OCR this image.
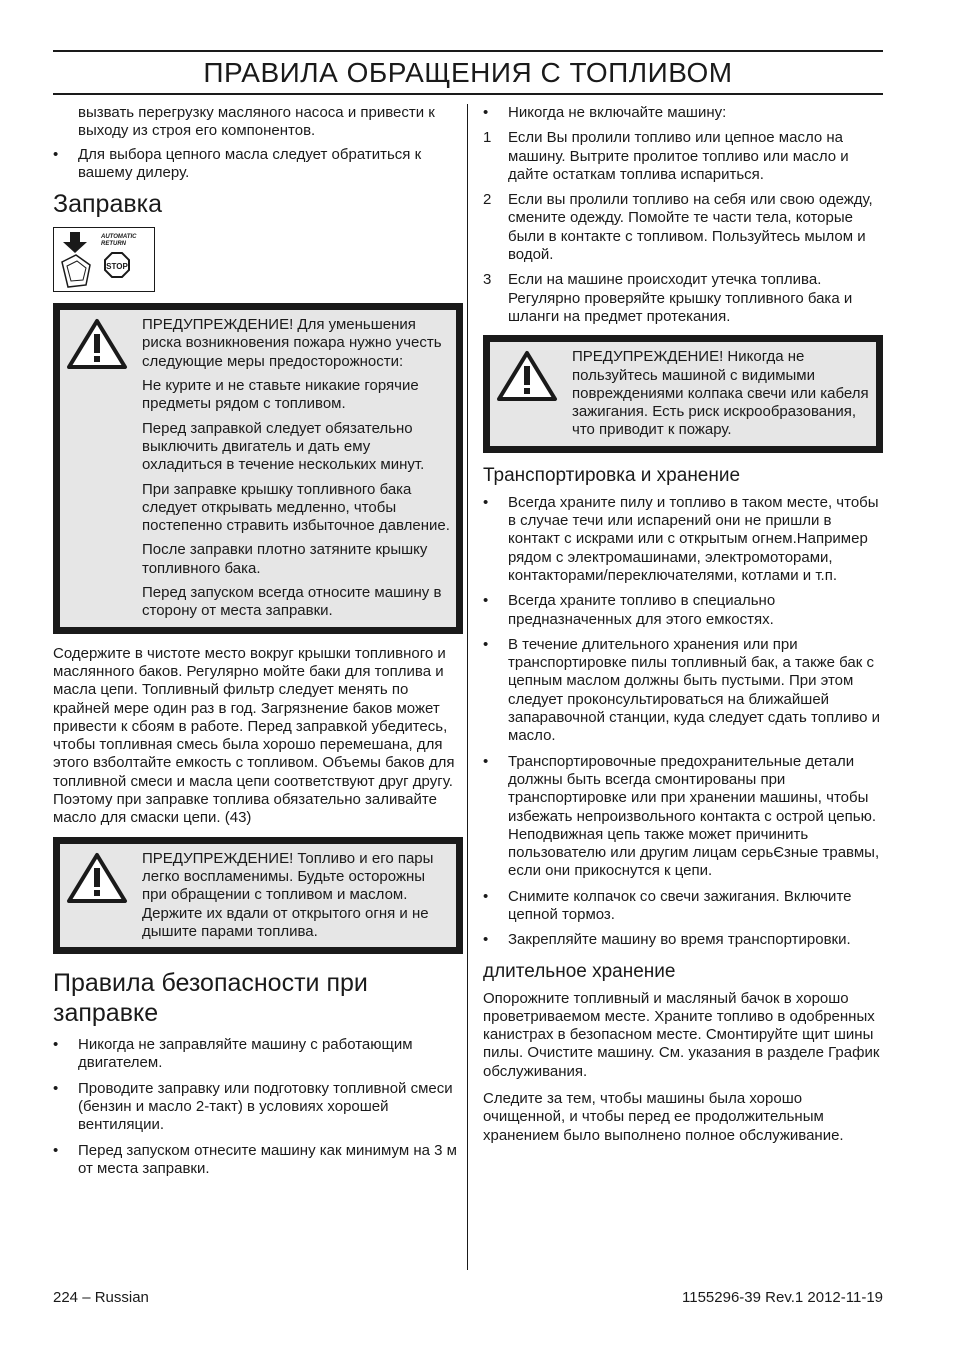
ПРАВИЛА ОБРАЩЕНИЯ С ТОПЛИВОМ

вызвать перегрузку масляного насоса и привести к выходу из строя его компонентов.

•	Для выбора цепного масла следует обратиться к вашему дилеру.
Заправка
STOP
AUTOMATIC
RETURN

ПРЕДУПРЕЖДЕНИЕ! Для уменьшения риска возникновения пожара нужно учесть следующие меры предосторожности:

Не курите и не ставьте никакие горячие предметы рядом с топливом.

Перед заправкой следует обязательно выключить двигатель и дать ему охладиться в течение нескольких минут.

При заправке крышку топливного бака следует открывать медленно, чтобы постепенно стравить избыточное давление.

После заправки плотно затяните крышку топливного бака.

Перед запуском всегда относите машину в сторону от места заправки.

Содержите в чистоте место вокруг крышки топливного и маслянного баков. Регулярно мойте баки для топлива и масла цепи. Топливный фильтр следует менять по крайней мере один раз в год. Загрязнение баков может привести к сбоям в работе. Перед заправкой убедитесь, чтобы топливная смесь была хорошо перемешана, для этого взболтайте емкость с топливом. Объемы баков для топливной смеси и масла цепи соответствуют друг другу. Поэтому при заправке топлива обязательно заливайте масло для смаски цепи. (43)

ПРЕДУПРЕЖДЕНИЕ! Топливо и его пары легко воспламенимы. Будьте осторожны при обращении с топливом и маслом. Держите их вдали от открытого огня и не дышите парами топлива.

Правила безопасности при заправке
•	Никогда не заправляйте машину с работающим двигателем.
•	Проводите заправку или подготовку топливной смеси (бензин и масло 2-такт) в условиях хорошей вентиляции.
•	Перед запуском отнесите машину как минимум на 3 м от места заправки.
•	Никогда не включайте машину:
1	Если Вы пролили топливо или цепное масло на машину. Вытрите пролитое топливо или масло и дайте остаткам топлива испариться.
2	Если вы пролили топливо на себя или свою одежду, смените одежду. Помойте те части тела, которые были в контакте с топливом. Пользуйтесь мылом и водой.
3	Если на машине происходит утечка топлива. Регулярно проверяйте крышку топливного бака и шланги на предмет протекания.

ПРЕДУПРЕЖДЕНИЕ! Никогда не пользуйтесь машиной с видимыми повреждениями колпака свечи или кабеля зажигания. Есть риск искрообразования, что приводит к пожару.

Транспортировка и хранение
•	Всегда храните пилу и топливо в таком месте, чтобы в случае течи или испарений они не пришли в контакт с искрами или с открытым огнем.Например рядом с электромашинами, электромоторами, контакторами/переключателями, котлами и т.п.
•	Всегда храните топливо в специально предназначенных для этого емкостях.
•	В течение длительного хранения или при транспортировке пилы топливный бак, а также бак с цепным маслом должны быть пустыми. При этом следует проконсультироваться на ближайшей запаравочной станции, куда следует сдать топливо и масло.
•	Транспортировочные предохранительные детали должны быть всегда смонтированы при транспортировке или при хранении машины, чтобы избежать непроизвольного контакта с острой цепью. Неподвижная цепь также может причинить пользователю или другим лицам серьЄзные травмы, если они прикоснутся к цепи.
•	Снимите колпачок со свечи зажигания. Включите цепной тормоз.
•	Закрепляйте машину во время транспортировки.
длительное хранение

Опорожните топливный и масляный бачок в хорошо проветриваемом месте. Храните топливо в одобренных канистрах в безопасном месте. Смонтируйте щит шины пилы. Очистите машину. См. указания в разделе График обслуживания.

Следите за тем, чтобы машины была хорошо очищенной, и чтобы перед ее продолжительным хранением было выполнено полное обслуживание.

224 – Russian	1155296-39 Rev.1 2012-11-19
